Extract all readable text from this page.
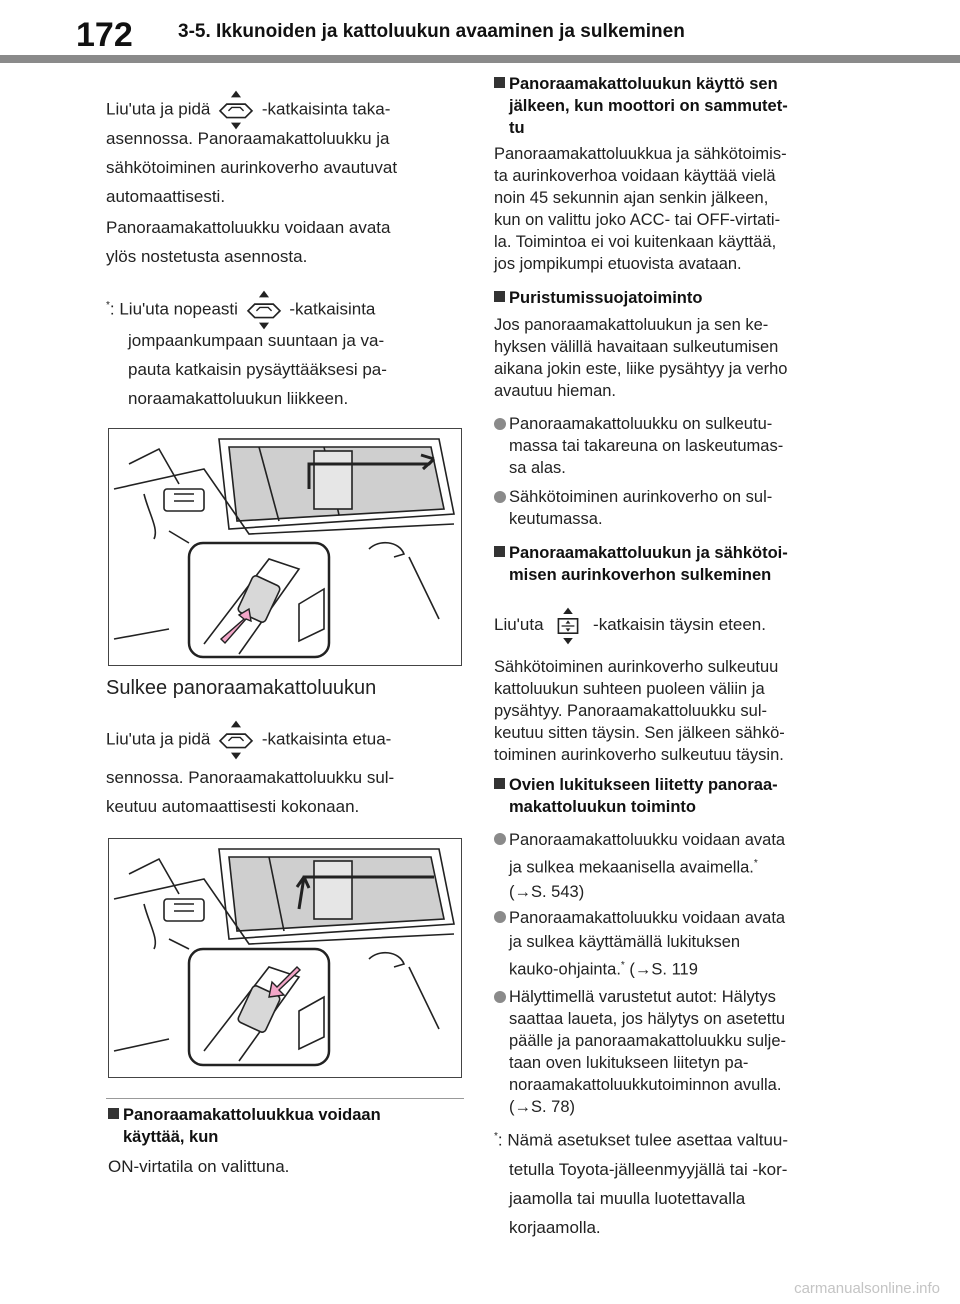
172 3-5. Ikkunoiden ja kattoluukun avaaminen ja sulkeminen
Liu'uta ja pidä	-katkaisinta taka-
asennossa. Panoraamakattoluukku ja
sähkötoiminen aurinkoverho avautuvat
automaattisesti.
Panoraamakattoluukku voidaan avata
ylös nostetusta asennosta.
*: Liu'uta nopeasti	-katkaisinta
jompaankumpaan suuntaan ja va-
pauta katkaisin pysäyttääksesi pa-
noraamakattoluukun liikkeen.
Sulkee panoraamakattoluukun
Liu'uta ja pidä	-katkaisinta etua-
sennossa. Panoraamakattoluukku sul-
keutuu automaattisesti kokonaan.
Panoraamakattoluukkua voidaan
käyttää, kun
ON-virtatila on valittuna.
Panoraamakattoluukun käyttö sen
jälkeen, kun moottori on sammutet-
tu
Panoraamakattoluukkua ja sähkötoimis-
ta aurinkoverhoa voidaan käyttää vielä
noin 45 sekunnin ajan senkin jälkeen,
kun on valittu joko ACC- tai OFF-virtati-
la. Toimintoa ei voi kuitenkaan käyttää,
jos jompikumpi etuovista avataan.
Puristumissuojatoiminto
Jos panoraamakattoluukun ja sen ke-
hyksen välillä havaitaan sulkeutumisen
aikana jokin este, liike pysähtyy ja verho
avautuu hieman.
Panoraamakattoluukku on sulkeutu-
massa tai takareuna on laskeutumas-
sa alas.
Sähkötoiminen aurinkoverho on sul-
keutumassa.
Panoraamakattoluukun ja sähkötoi-
misen aurinkoverhon sulkeminen
Liu'uta	-katkaisin täysin eteen.
Sähkötoiminen aurinkoverho sulkeutuu
kattoluukun suhteen puoleen väliin ja
pysähtyy. Panoraamakattoluukku sul-
keutuu sitten täysin. Sen jälkeen sähkö-
toiminen aurinkoverho sulkeutuu täysin.
Ovien lukitukseen liitetty panoraa-
makattoluukun toiminto
Panoraamakattoluukku voidaan avata
ja sulkea mekaanisella avaimella.*
(→S. 543)
Panoraamakattoluukku voidaan avata
ja sulkea käyttämällä lukituksen
kauko-ohjainta.* (→S. 119
Hälyttimellä varustetut autot: Hälytys
saattaa laueta, jos hälytys on asetettu
päälle ja panoraamakattoluukku sulje-
taan oven lukitukseen liitetyn pa-
noraamakattoluukkutoiminnon avulla.
(→S. 78)
*: Nämä asetukset tulee asettaa valtuu-
tetulla Toyota-jälleenmyyjällä tai -kor-
jaamolla tai muulla luotettavalla
korjaamolla.
carmanualsonline.info
